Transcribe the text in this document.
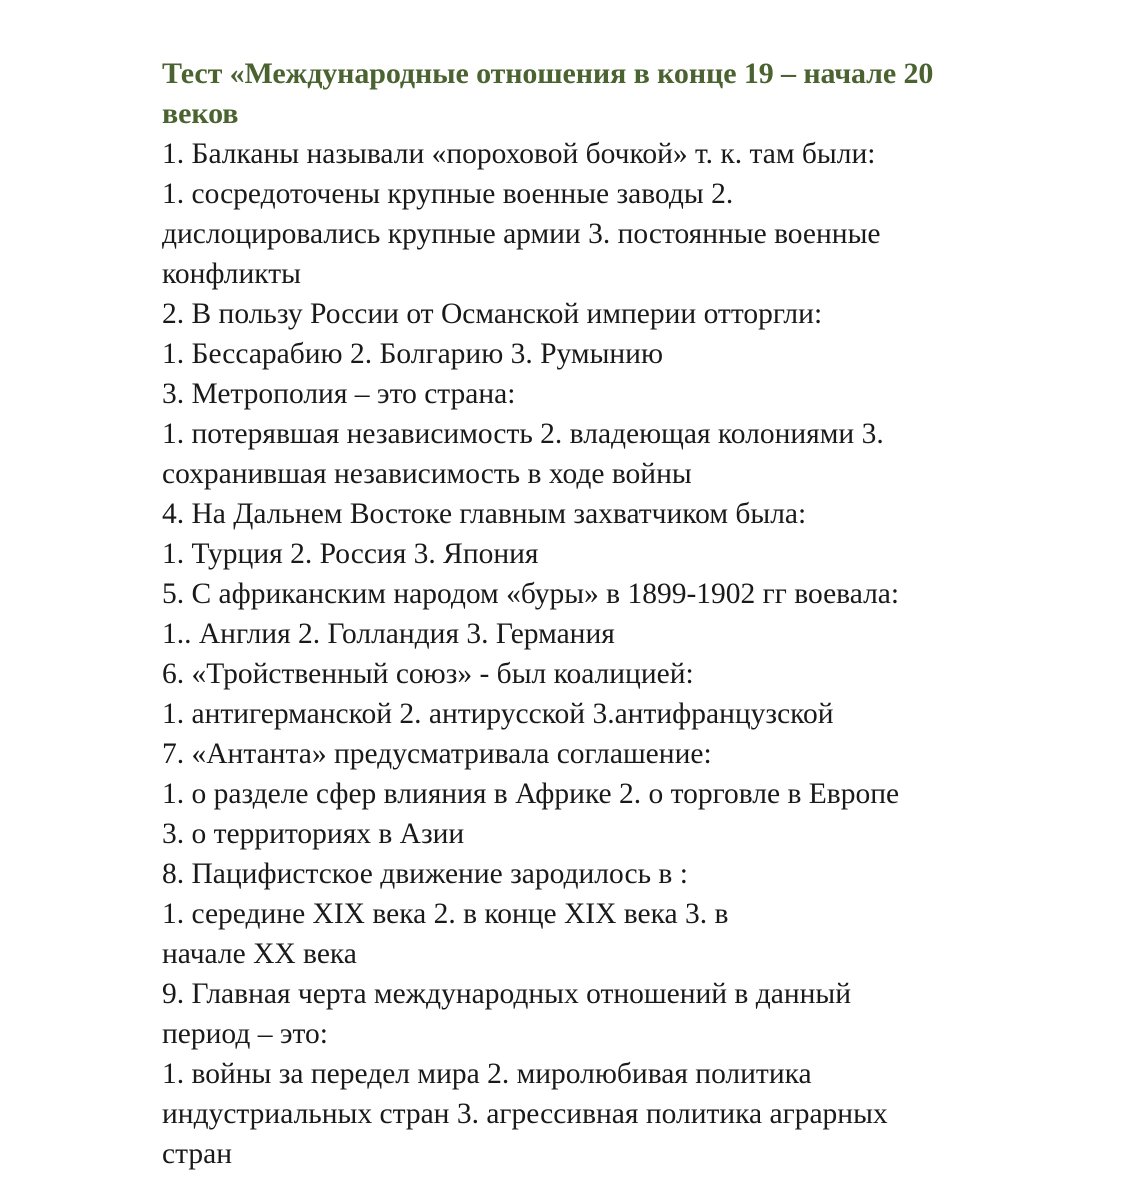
Тест «Международные отношения в конце 19 – начале 20

веков

1. Балканы называли «пороховой бочкой» т. к. там были:

1. сосредоточены крупные военные заводы 2.

дислоцировались крупные армии 3. постоянные военные

конфликты

2. В пользу России от Османской империи отторгли:

1. Бессарабию 2. Болгарию 3. Румынию

3. Метрополия – это страна:

1. потерявшая независимость 2. владеющая колониями 3.

сохранившая независимость в ходе войны

4. На Дальнем Востоке главным захватчиком была:

1. Турция 2. Россия 3. Япония

5. С африканским народом «буры» в 1899-1902 гг воевала:

1.. Англия 2. Голландия 3. Германия

6. «Тройственный союз» - был коалицией:

1. антигерманской 2. антирусской 3.антифранцузской

7. «Антанта» предусматривала соглашение:

1. о разделе сфер влияния в Африке 2. о торговле в Европе

3. о территориях в Азии

8. Пацифистское движение зародилось в :

1. середине XIX века 2. в конце XIX века 3. в

начале XX века

9. Главная черта международных отношений в данный

период – это:

1. войны за передел мира 2. миролюбивая политика

индустриальных стран 3. агрессивная политика аграрных

стран
